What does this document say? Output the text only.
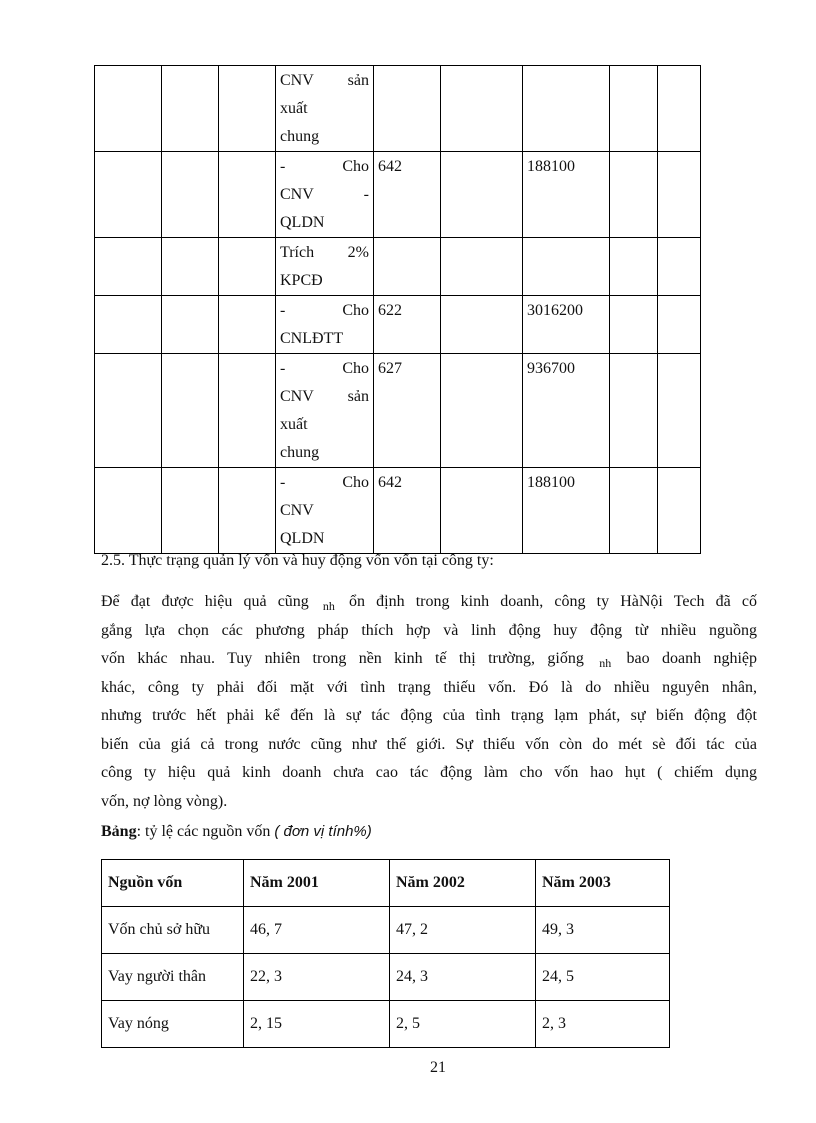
			CNV sản
xuất
chung					

			- Cho
CNV -
QLDN	642		188100		

			Trích 2%
KPCĐ					

			- Cho
CNLĐTT	622		3016200		

			- Cho
CNV sản
xuất
chung	627		936700		

			- Cho
CNV
QLDN	642		188100		
2.5. Thực trạng quản lý vốn và huy động vốn vốn tại công ty:

Để đạt được hiệu quả cũng $_{nh}$ ổn định trong kinh doanh, công ty HàNội Tech đã cố
gắng lựa chọn các phương pháp thích hợp và linh động huy động từ nhiều nguồng
vốn khác nhau. Tuy nhiên trong nền kinh tế thị trường, giống $_{nh}$ bao doanh nghiệp
khác, công ty phải đối mặt với tình trạng thiếu vốn. Đó là do nhiều nguyên nhân,
nhưng trước hết phải kể đến là sự tác động của tình trạng lạm phát, sự biến động đột
biến của giá cả trong nước cũng như thế giới. Sự thiếu vốn còn do mét sè đối tác của
công ty hiệu quả kinh doanh chưa cao tác động làm cho vốn hao hụt ( chiếm dụng
vốn, nợ lòng vòng).

Bảng: tỷ lệ các nguồn vốn ( đơn vị tính%)

Nguồn vốn	Năm 2001	Năm 2002	Năm 2003
Vốn chủ sở hữu	46, 7	47, 2	49, 3
Vay người thân	22, 3	24, 3	24, 5
Vay nóng	2, 15	2, 5	2, 3
21
